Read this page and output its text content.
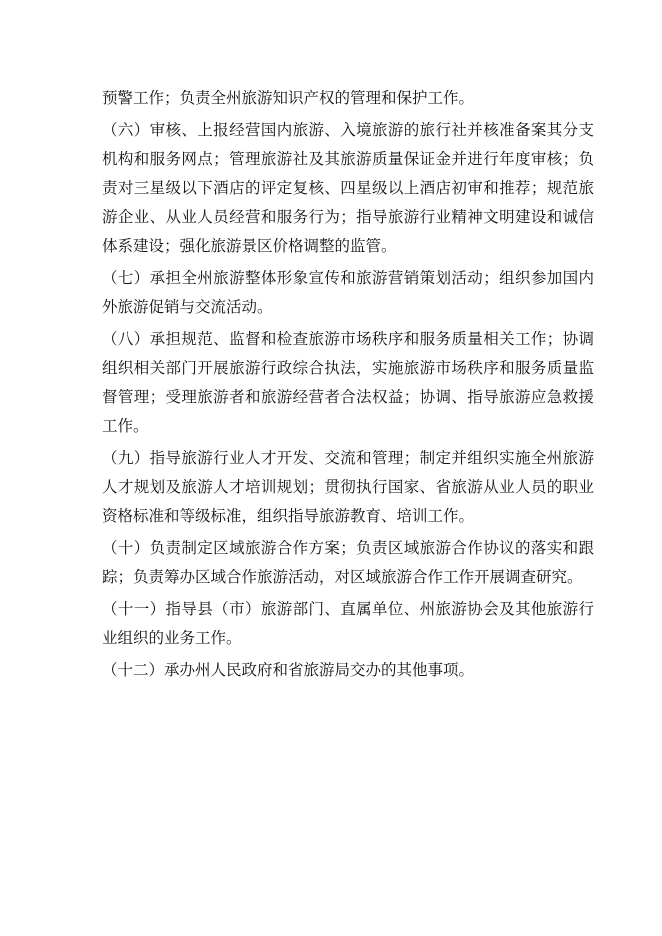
预警工作；负责全州旅游知识产权的管理和保护工作。

（六）审核、上报经营国内旅游、入境旅游的旅行社并核准备案其分支机构和服务网点；管理旅游社及其旅游质量保证金并进行年度审核；负责对三星级以下酒店的评定复核、四星级以上酒店初审和推荐；规范旅游企业、从业人员经营和服务行为；指导旅游行业精神文明建设和诚信体系建设；强化旅游景区价格调整的监管。

（七）承担全州旅游整体形象宣传和旅游营销策划活动；组织参加国内外旅游促销与交流活动。

（八）承担规范、监督和检查旅游市场秩序和服务质量相关工作；协调组织相关部门开展旅游行政综合执法，实施旅游市场秩序和服务质量监督管理；受理旅游者和旅游经营者合法权益；协调、指导旅游应急救援工作。

（九）指导旅游行业人才开发、交流和管理；制定并组织实施全州旅游人才规划及旅游人才培训规划；贯彻执行国家、省旅游从业人员的职业资格标准和等级标准，组织指导旅游教育、培训工作。

（十）负责制定区域旅游合作方案；负责区域旅游合作协议的落实和跟踪；负责筹办区域合作旅游活动，对区域旅游合作工作开展调查研究。

（十一）指导县（市）旅游部门、直属单位、州旅游协会及其他旅游行业组织的业务工作。

（十二）承办州人民政府和省旅游局交办的其他事项。
